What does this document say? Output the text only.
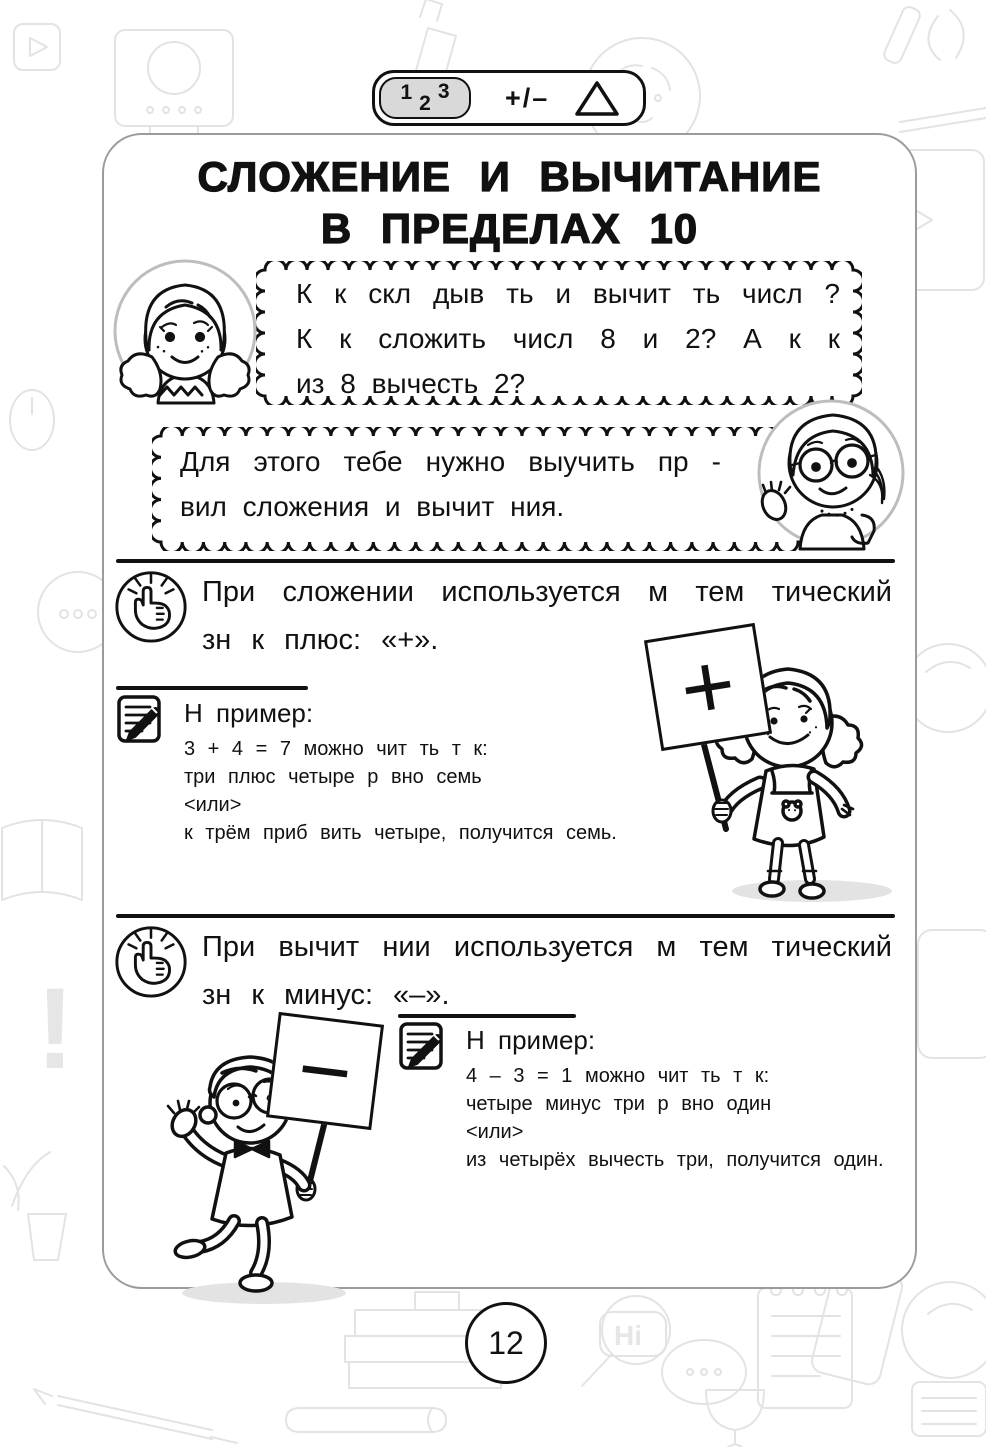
!
Hi
1 2
3 +/–
СЛОЖЕНИЕ И ВЫЧИТАНИЕ
В ПРЕДЕЛАХ 10
К к скл дыв ть и вычит ть числ ?
К к сложить числ 8 и 2? А к к
из 8 вычесть 2?
Для этого тебе нужно выучить пр -
вил сложения и вычит ния.
При сложении используется м тем тический
зн к плюс: «+».
Н пример:
3 + 4 = 7 можно чит ть т к:
три плюс четыре р вно семь
<или>
к трём приб вить четыре, получится семь.
+
При вычит нии используется м тем тический
зн к минус: «–».
−	Н пример:
4 – 3 = 1 можно чит ть т к:
четыре минус три р вно один
<или>
из четырёх вычесть три, получится один.
12
